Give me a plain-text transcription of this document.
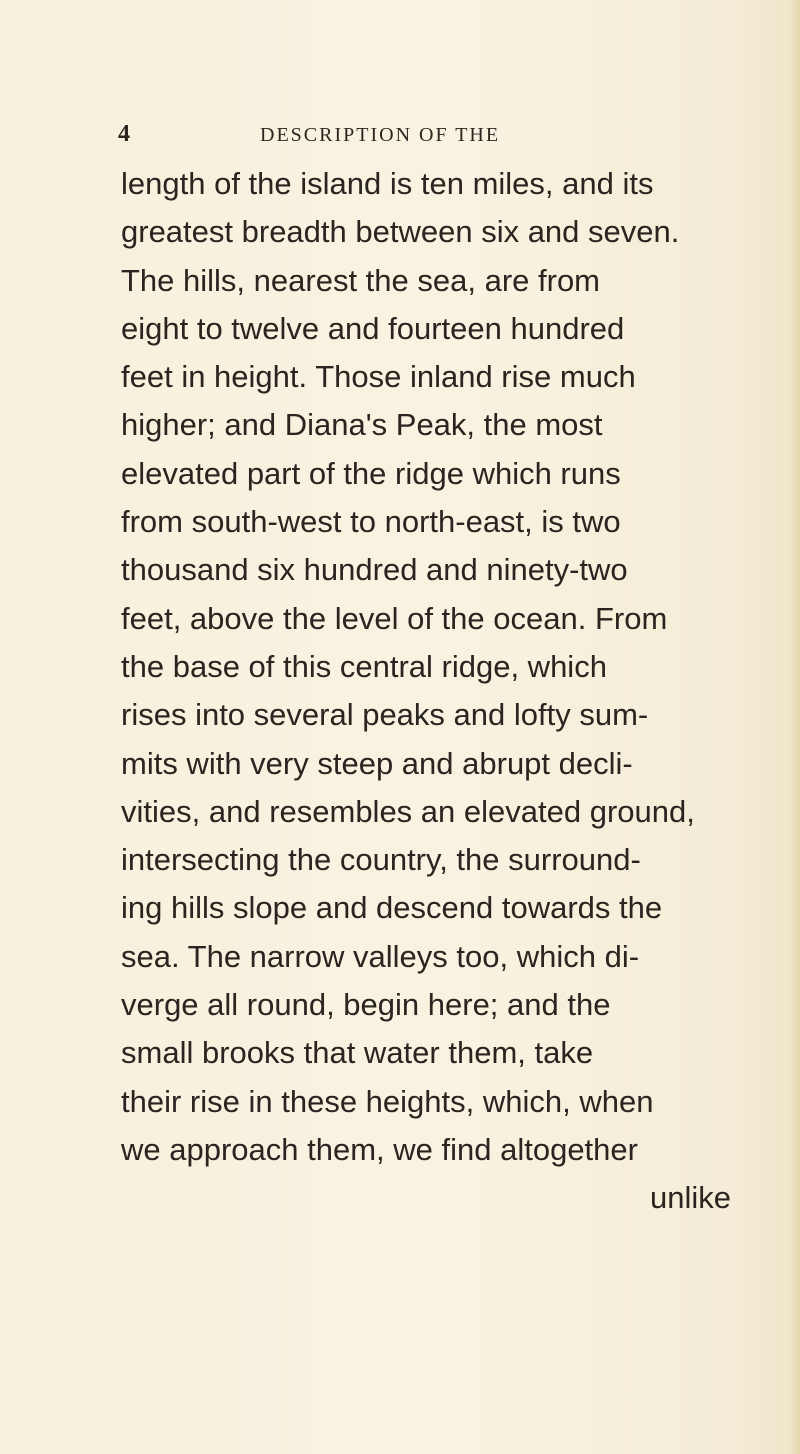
4	DESCRIPTION OF THE
length of the island is ten miles, and its
greatest breadth between six and seven.
The hills, nearest the sea, are from
eight to twelve and fourteen hundred
feet in height. Those inland rise much
higher; and Diana's Peak, the most
elevated part of the ridge which runs
from south-west to north-east, is two
thousand six hundred and ninety-two
feet, above the level of the ocean. From
the base of this central ridge, which
rises into several peaks and lofty sum-
mits with very steep and abrupt decli-
vities, and resembles an elevated ground,
intersecting the country, the surround-
ing hills slope and descend towards the
sea. The narrow valleys too, which di-
verge all round, begin here; and the
small brooks that water them, take
their rise in these heights, which, when
we approach them, we find altogether
unlike
